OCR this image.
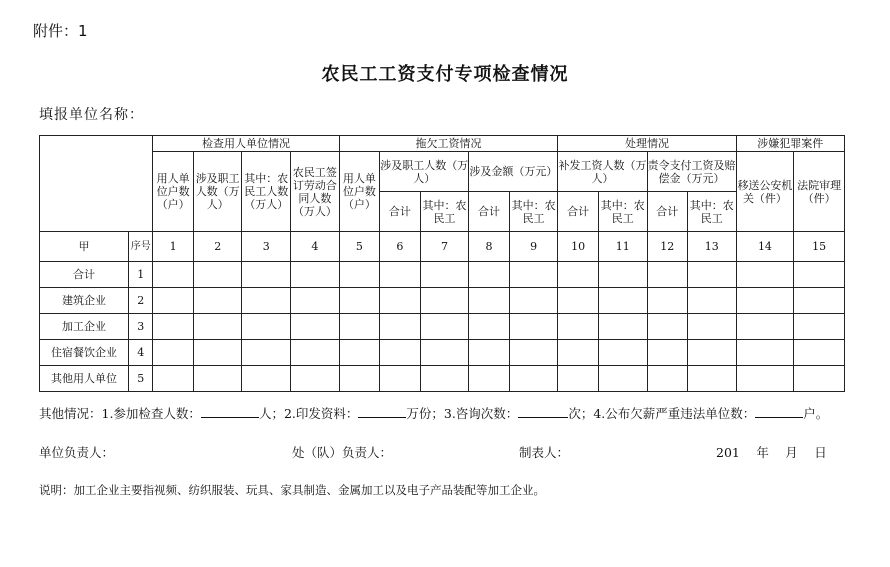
附件：1
农民工工资支付专项检查情况
填报单位名称：
		检查用人单位情况				拖欠工资情况					处理情况				涉嫌犯罪案件	
		用人单位户数（户）	涉及职工人数（万人）	其中：农民工人数（万人）	农民工签订劳动合同人数（万人）	用人单位户数（户）	涉及职工人数（万人）		涉及金额（万元）		补发工资人数（万人）		责令支付工资及赔偿金（万元）		移送公安机关（件）	法院审理（件）
							合计	其中：农民工	合计	其中：农民工	合计	其中：农民工	合计	其中：农民工		
甲	序号	1	2	3	4	5	6	7	8	9	10	11	12	13	14	15
合计	1															
建筑企业	2															
加工企业	3															
住宿餐饮企业	4															
其他用人单位	5															
其他情况：1.参加检查人数：	人；2.印发资料：	万份；3.咨询次数：	次；4.公布欠薪严重违法单位数：	户。
单位负责人：	处（队）负责人：	制表人：	201　 年　 月　 日
说明：加工企业主要指视频、纺织服装、玩具、家具制造、金属加工以及电子产品装配等加工企业。
